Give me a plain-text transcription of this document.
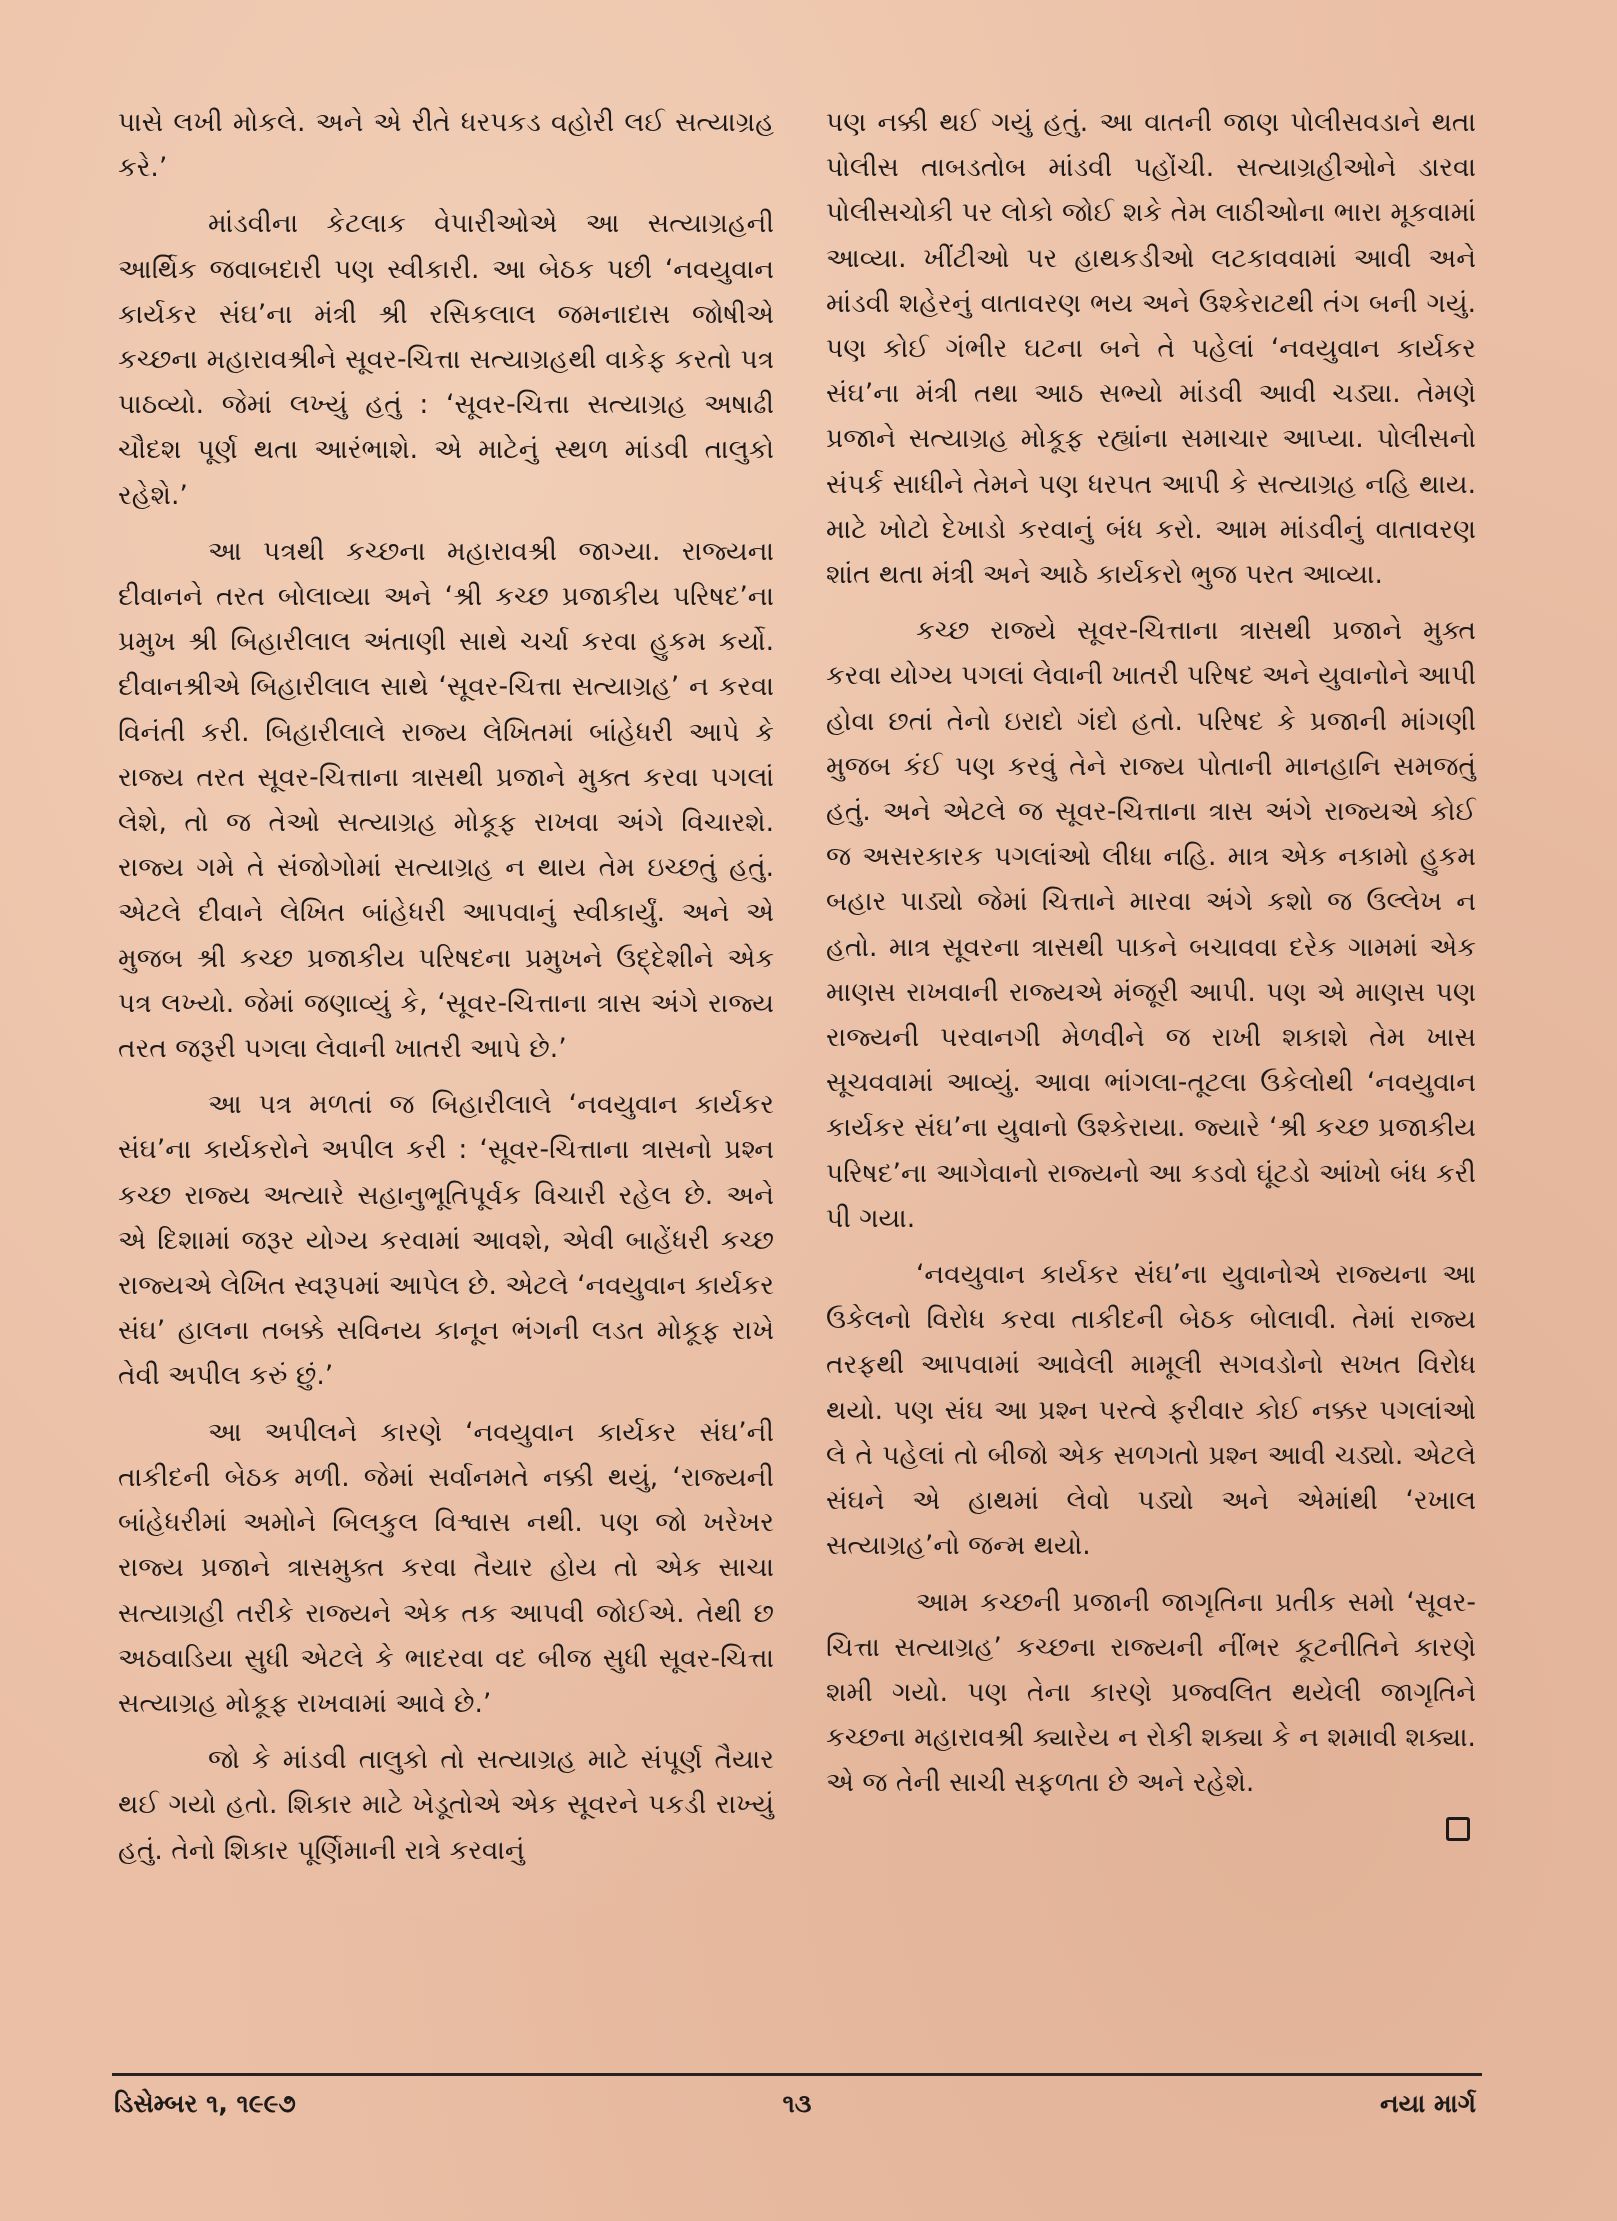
પાસે લખી મોકલે. અને એ રીતે ધરપકડ વહોરી લઈ સત્યાગ્રહ કરે.’

માંડવીના કેટલાક વેપારીઓએ આ સત્યાગ્રહની આર્થિક જવાબદારી પણ સ્વીકારી. આ બેઠક પછી ‘નવયુવાન કાર્યકર સંઘ’ના મંત્રી શ્રી રસિકલાલ જમનાદાસ જોષીએ કચ્છના મહારાવશ્રીને સૂવર-ચિત્તા સત્યાગ્રહથી વાકેફ કરતો પત્ર પાઠવ્યો. જેમાં લખ્યું હતું : ‘સૂવર-ચિત્તા સત્યાગ્રહ અષાઢી ચૌદશ પૂર્ણ થતા આરંભાશે. એ માટેનું સ્થળ માંડવી તાલુકો રહેશે.’

આ પત્રથી કચ્છના મહારાવશ્રી જાગ્યા. રાજ્યના દીવાનને તરત બોલાવ્યા અને ‘શ્રી કચ્છ પ્રજાકીય પરિષદ’ના પ્રમુખ શ્રી બિહારીલાલ અંતાણી સાથે ચર્ચા કરવા હુકમ કર્યો. દીવાનશ્રીએ બિહારીલાલ સાથે ‘સૂવર-ચિત્તા સત્યાગ્રહ’ ન કરવા વિનંતી કરી. બિહારીલાલે રાજ્ય લેખિતમાં બાંહેધરી આપે કે રાજ્ય તરત સૂવર-ચિત્તાના ત્રાસથી પ્રજાને મુક્ત કરવા પગલાં લેશે, તો જ તેઓ સત્યાગ્રહ મોકૂફ રાખવા અંગે વિચારશે. રાજ્ય ગમે તે સંજોગોમાં સત્યાગ્રહ ન થાય તેમ ઇચ્છતું હતું. એટલે દીવાને લેખિત બાંહેધરી આપવાનું સ્વીકાર્યું. અને એ મુજબ શ્રી કચ્છ પ્રજાકીય પરિષદના પ્રમુખને ઉદ્દેશીને એક પત્ર લખ્યો. જેમાં જણાવ્યું કે, ‘સૂવર-ચિત્તાના ત્રાસ અંગે રાજ્ય તરત જરૂરી પગલા લેવાની ખાતરી આપે છે.’

આ પત્ર મળતાં જ બિહારીલાલે ‘નવયુવાન કાર્યકર સંઘ’ના કાર્યકરોને અપીલ કરી : ‘સૂવર-ચિત્તાના ત્રાસનો પ્રશ્ન કચ્છ રાજ્ય અત્યારે સહાનુભૂતિપૂર્વક વિચારી રહેલ છે. અને એ દિશામાં જરૂર યોગ્ય કરવામાં આવશે, એવી બાહેંધરી કચ્છ રાજ્યએ લેખિત સ્વરૂપમાં આપેલ છે. એટલે ‘નવયુવાન કાર્યકર સંઘ’ હાલના તબક્કે સવિનય કાનૂન ભંગની લડત મોકૂફ રાખે તેવી અપીલ કરું છું.’

આ અપીલને કારણે ‘નવયુવાન કાર્યકર સંઘ’ની તાકીદની બેઠક મળી. જેમાં સર્વાનમતે નક્કી થયું, ‘રાજ્યની બાંહેધરીમાં અમોને બિલકુલ વિશ્વાસ નથી. પણ જો ખરેખર રાજ્ય પ્રજાને ત્રાસમુક્ત કરવા તૈયાર હોય તો એક સાચા સત્યાગ્રહી તરીકે રાજ્યને એક તક આપવી જોઈએ. તેથી છ અઠવાડિયા સુધી એટલે કે ભાદરવા વદ બીજ સુધી સૂવર-ચિત્તા સત્યાગ્રહ મોકૂફ રાખવામાં આવે છે.’

જો કે માંડવી તાલુકો તો સત્યાગ્રહ માટે સંપૂર્ણ તૈયાર થઈ ગયો હતો. શિકાર માટે ખેડૂતોએ એક સૂવરને પકડી રાખ્યું હતું. તેનો શિકાર પૂર્ણિમાની રાત્રે કરવાનું

પણ નક્કી થઈ ગયું હતું. આ વાતની જાણ પોલીસવડાને થતા પોલીસ તાબડતોબ માંડવી પહોંચી. સત્યાગ્રહીઓને ડારવા પોલીસચોકી પર લોકો જોઈ શકે તેમ લાઠીઓના ભારા મૂકવામાં આવ્યા. ખીંટીઓ પર હાથકડીઓ લટકાવવામાં આવી અને માંડવી શહેરનું વાતાવરણ ભય અને ઉશ્કેરાટથી તંગ બની ગયું. પણ કોઈ ગંભીર ઘટના બને તે પહેલાં ‘નવયુવાન કાર્યકર સંઘ’ના મંત્રી તથા આઠ સભ્યો માંડવી આવી ચડ્યા. તેમણે પ્રજાને સત્યાગ્રહ મોકૂફ રહ્યાંના સમાચાર આપ્યા. પોલીસનો સંપર્ક સાધીને તેમને પણ ધરપત આપી કે સત્યાગ્રહ નહિ થાય. માટે ખોટો દેખાડો કરવાનું બંધ કરો. આમ માંડવીનું વાતાવરણ શાંત થતા મંત્રી અને આઠે કાર્યકરો ભુજ પરત આવ્યા.

કચ્છ રાજ્યે સૂવર-ચિત્તાના ત્રાસથી પ્રજાને મુક્ત કરવા યોગ્ય પગલાં લેવાની ખાતરી પરિષદ અને યુવાનોને આપી હોવા છતાં તેનો ઇરાદો ગંદો હતો. પરિષદ કે પ્રજાની માંગણી મુજબ કંઈ પણ કરવું તેને રાજ્ય પોતાની માનહાનિ સમજતું હતું. અને એટલે જ સૂવર-ચિત્તાના ત્રાસ અંગે રાજ્યએ કોઈ જ અસરકારક પગલાંઓ લીધા નહિ. માત્ર એક નકામો હુકમ બહાર પાડ્યો જેમાં ચિત્તાને મારવા અંગે કશો જ ઉલ્લેખ ન હતો. માત્ર સૂવરના ત્રાસથી પાકને બચાવવા દરેક ગામમાં એક માણસ રાખવાની રાજ્યએ મંજૂરી આપી. પણ એ માણસ પણ રાજ્યની પરવાનગી મેળવીને જ રાખી શકાશે તેમ ખાસ સૂચવવામાં આવ્યું. આવા ભાંગલા-તૂટલા ઉકેલોથી ‘નવયુવાન કાર્યકર સંઘ’ના યુવાનો ઉશ્કેરાયા. જ્યારે ‘શ્રી કચ્છ પ્રજાકીય પરિષદ’ના આગેવાનો રાજ્યનો આ કડવો ઘૂંટડો આંખો બંધ કરી પી ગયા.

‘નવયુવાન કાર્યકર સંઘ’ના યુવાનોએ રાજ્યના આ ઉકેલનો વિરોધ કરવા તાકીદની બેઠક બોલાવી. તેમાં રાજ્ય તરફથી આપવામાં આવેલી મામૂલી સગવડોનો સખત વિરોધ થયો. પણ સંઘ આ પ્રશ્ન પરત્વે ફરીવાર કોઈ નક્કર પગલાંઓ લે તે પહેલાં તો બીજો એક સળગતો પ્રશ્ન આવી ચડ્યો. એટલે સંઘને એ હાથમાં લેવો પડ્યો અને એમાંથી ‘રખાલ સત્યાગ્રહ’નો જન્મ થયો.

આમ કચ્છની પ્રજાની જાગૃતિના પ્રતીક સમો ‘સૂવર-ચિત્તા સત્યાગ્રહ’ કચ્છના રાજ્યની નીંભર કૂટનીતિને કારણે શમી ગયો. પણ તેના કારણે પ્રજ્વલિત થયેલી જાગૃતિને કચ્છના મહારાવશ્રી ક્યારેય ન રોકી શક્યા કે ન શમાવી શક્યા. એ જ તેની સાચી સફળતા છે અને રહેશે.

ડિસેમ્બર ૧, ૧૯૯૭	૧૩	નયા માર્ગ
